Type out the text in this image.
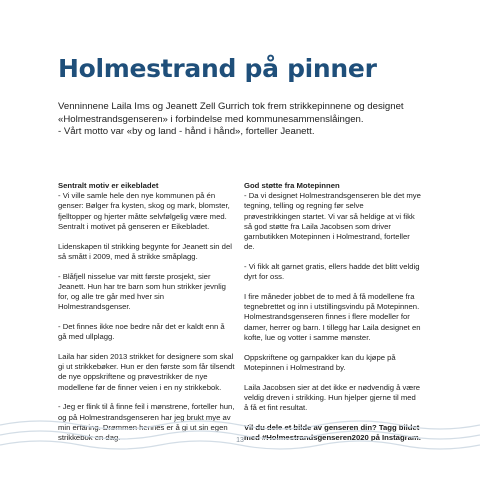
Holmestrand på pinner

Venninnene Laila Ims og Jeanett Zell Gurrich tok frem strikkepinnene og designet

«Holmestrandsgenseren» i forbindelse med kommunesammenslåingen.

- Vårt motto var «by og land - hånd i hånd», forteller Jeanett.

Sentralt motiv er eikebladet
- Vi ville samle hele den nye kommunen på én genser: Bølger fra kysten, skog og mark, blomster, fjelltopper og hjerter måtte selvfølgelig være med. Sentralt i motivet på genseren er Eikebladet.

Lidenskapen til strikking begynte for Jeanett sin del så smått i 2009, med å strikke småplagg.

- Blåfjell nisselue var mitt første prosjekt, sier Jeanett. Hun har tre barn som hun strikker jevnlig for, og alle tre går med hver sin Holmestrandsgenser.

- Det finnes ikke noe bedre når det er kaldt enn å gå med ullplagg.

Laila har siden 2013 strikket for designere som skal gi ut strikkebøker. Hun er den første som får tilsendt de nye oppskriftene og prøvestrikker de nye modellene før de finner veien i en ny strikkebok.

- Jeg er flink til å finne feil i mønstrene, forteller hun, og på Holmestrandsgenseren har jeg brukt mye av min erfaring. Drømmen hennes er å gi ut sin egen strikkebok en dag.

God støtte fra Motepinnen
- Da vi designet Holmestrandsgenseren ble det mye tegning, telling og regning før selve prøvestrikkingen startet. Vi var så heldige at vi fikk så god støtte fra Laila Jacobsen som driver garnbutikken Motepinnen i Holmestrand, forteller de.

- Vi fikk alt garnet gratis, ellers hadde det blitt veldig dyrt for oss.

I fire måneder jobbet de to med å få modellene fra tegnebrettet og inn i utstillingsvindu på Motepinnen. Holmestrandsgenseren finnes i flere modeller for damer, herrer og barn. I tillegg har Laila designet en kofte, lue og votter i samme mønster.

Oppskriftene og garnpakker kan du kjøpe på Motepinnen i Holmestrand by.

Laila Jacobsen sier at det ikke er nødvendig å være veldig dreven i strikking. Hun hjelper gjerne til med å få et fint resultat.

Vil du dele et bilde av genseren din? Tagg bildet med #Holmestrandsgenseren2020 på Instagram.

13
